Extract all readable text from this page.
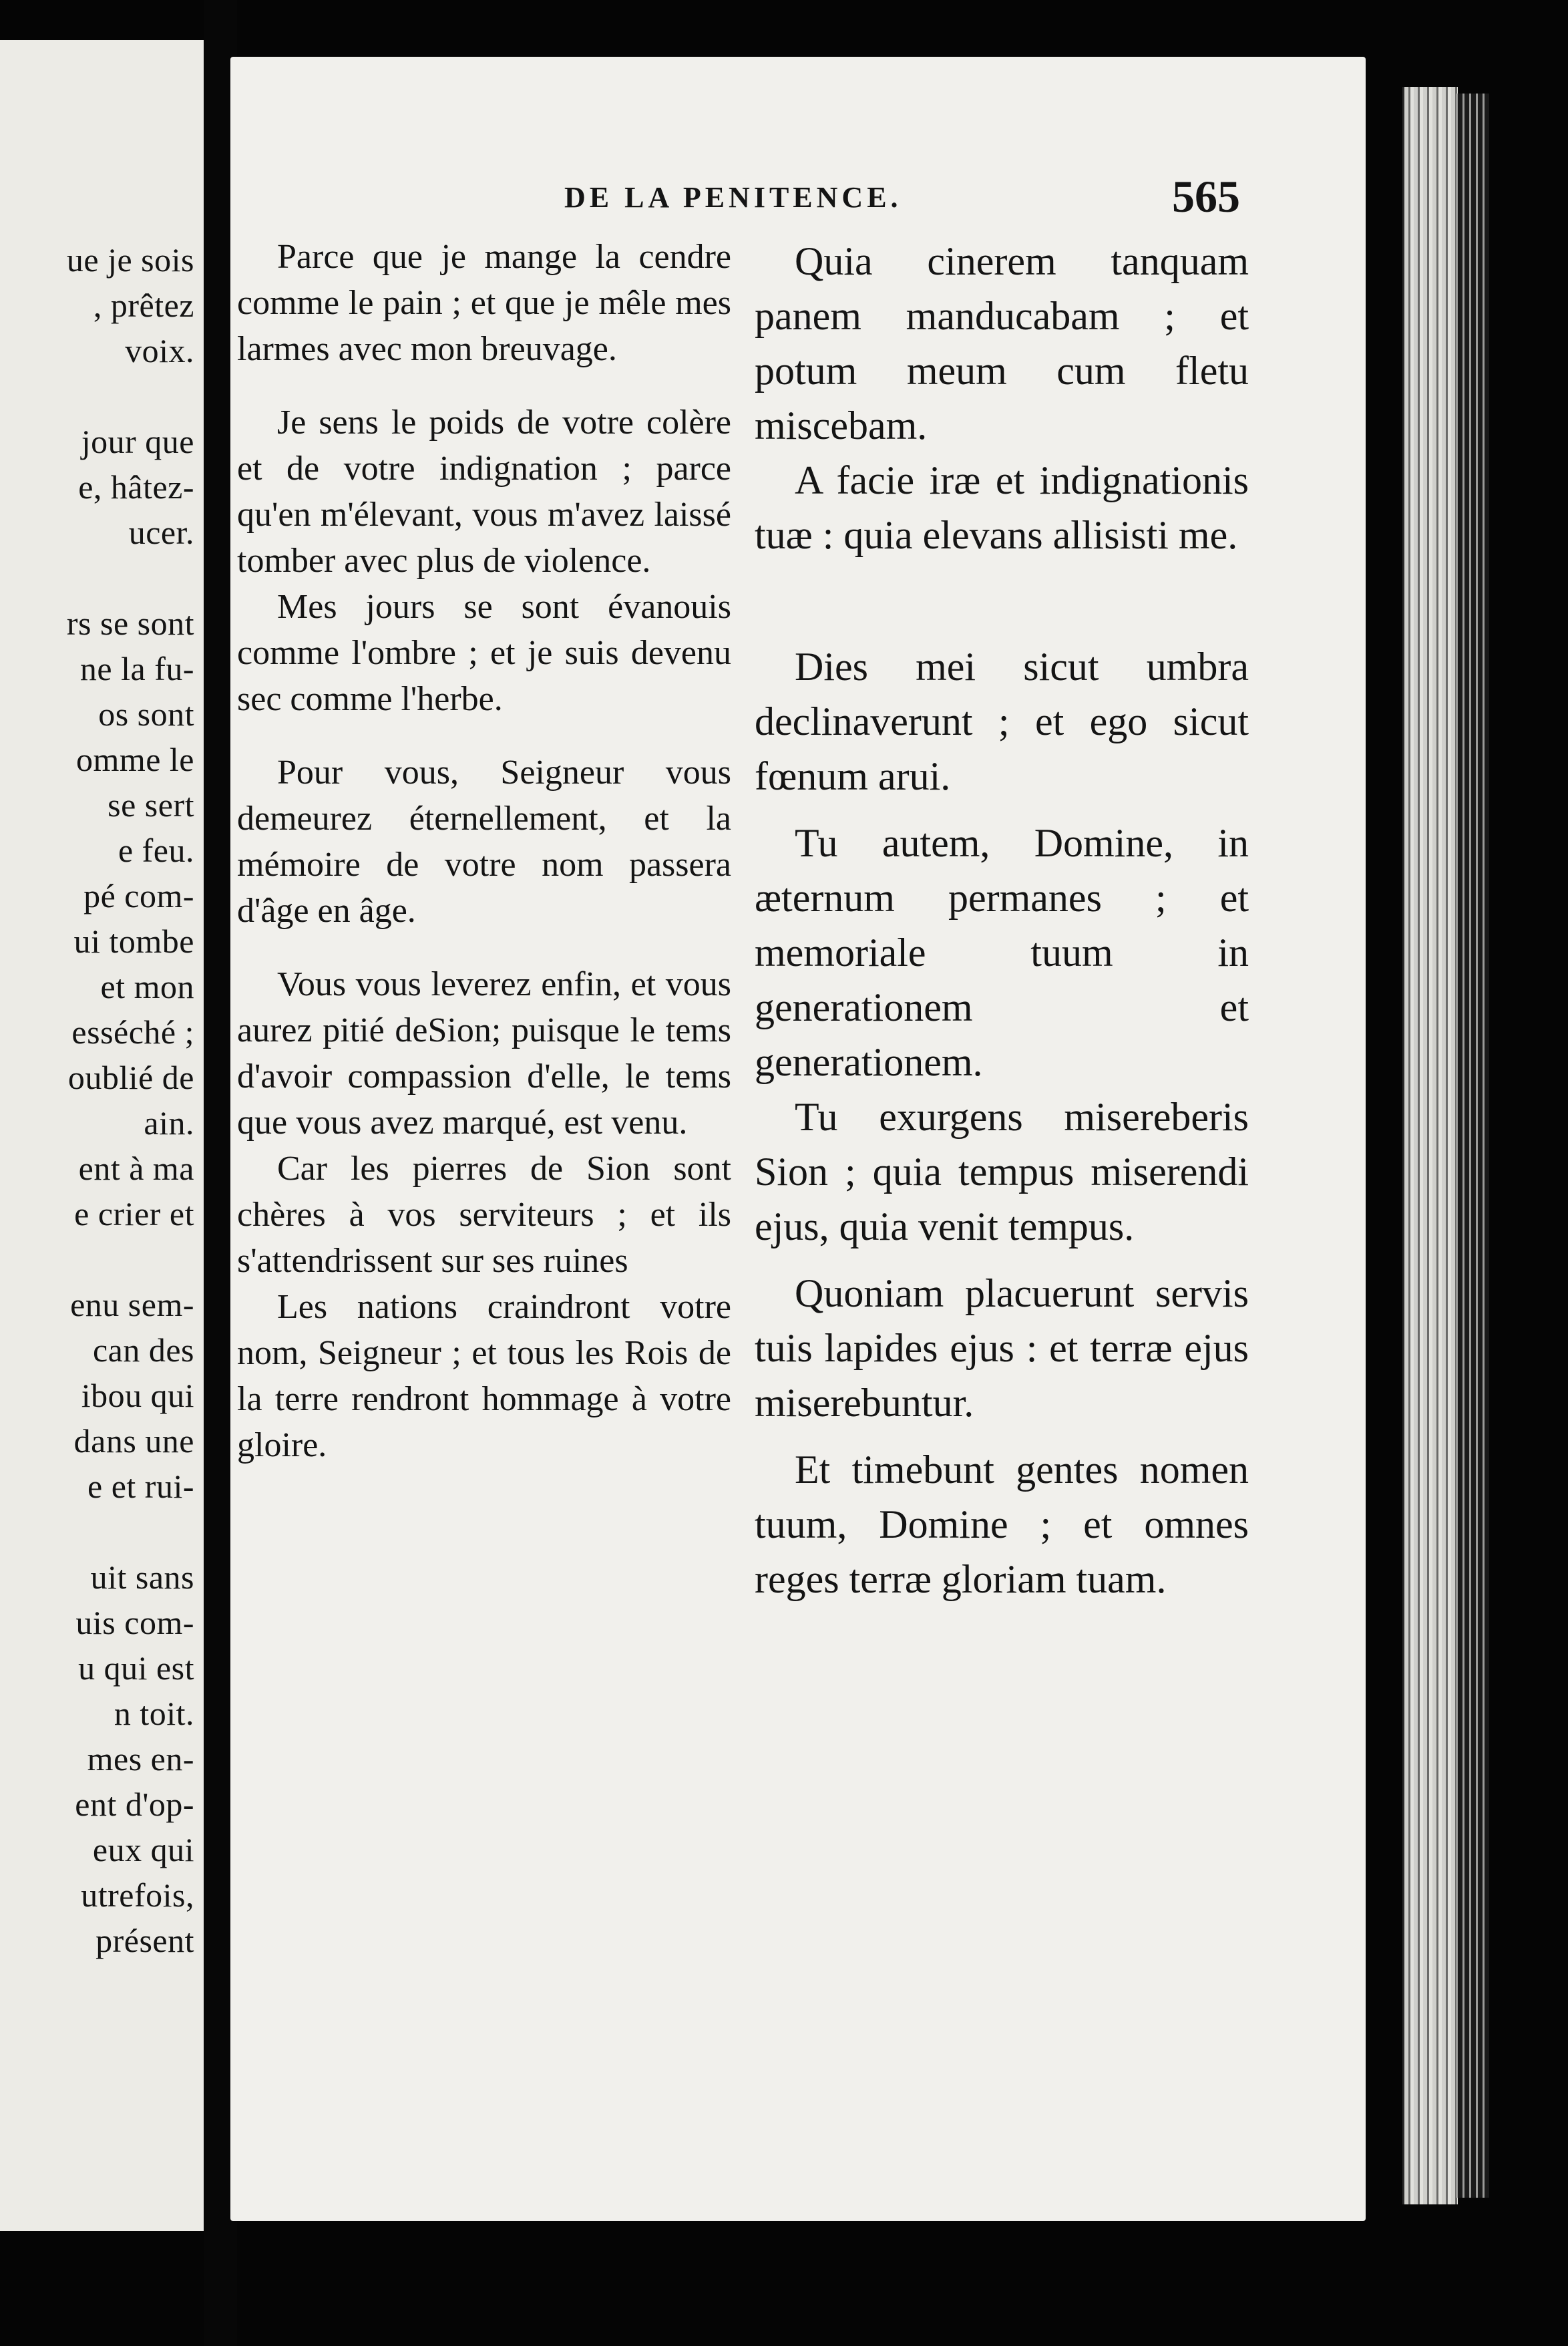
ue je sois
, prêtez
voix.
jour que
e, hâtez-
ucer.
rs se sont
ne la fu-
os sont
omme le
se sert
e feu.
pé com-
ui tombe
et mon
esséché ;
oublié de
ain.
ent à ma
e crier et
enu sem-
can des
ibou qui
dans une
e et rui-
uit sans
uis com-
u qui est
n toit.
mes en-
ent d'op-
eux qui
utrefois,
présent
DE LA PENITENCE.	565

Parce que je mange la cendre comme le pain ; et que je mêle mes larmes avec mon breuvage.

Je sens le poids de votre colère et de votre indignation ; parce qu'en m'élevant, vous m'avez laissé tomber avec plus de violence.

Mes jours se sont évanouis comme l'ombre ; et je suis devenu sec comme l'herbe.

Pour vous, Seigneur vous demeurez éternellement, et la mémoire de votre nom passera d'âge en âge.

Vous vous leverez enfin, et vous aurez pitié deSion; puisque le tems d'avoir compassion d'elle, le tems que vous avez marqué, est venu.

Car les pierres de Sion sont chères à vos serviteurs ; et ils s'attendrissent sur ses ruines

Les nations craindront votre nom, Seigneur ; et tous les Rois de la terre rendront hommage à votre gloire.

Quia cinerem tanquam panem manducabam ; et potum meum cum fletu miscebam.

A facie iræ et indignationis tuæ : quia elevans allisisti me.

Dies mei sicut umbra declinaverunt ; et ego sicut fœnum arui.

Tu autem, Domine, in æternum permanes ; et memoriale tuum in generationem et generationem.

Tu exurgens misereberis Sion ; quia tempus miserendi ejus, quia venit tempus.

Quoniam placuerunt servis tuis lapides ejus : et terræ ejus miserebuntur.

Et timebunt gentes nomen tuum, Domine ; et omnes reges terræ gloriam tuam.
